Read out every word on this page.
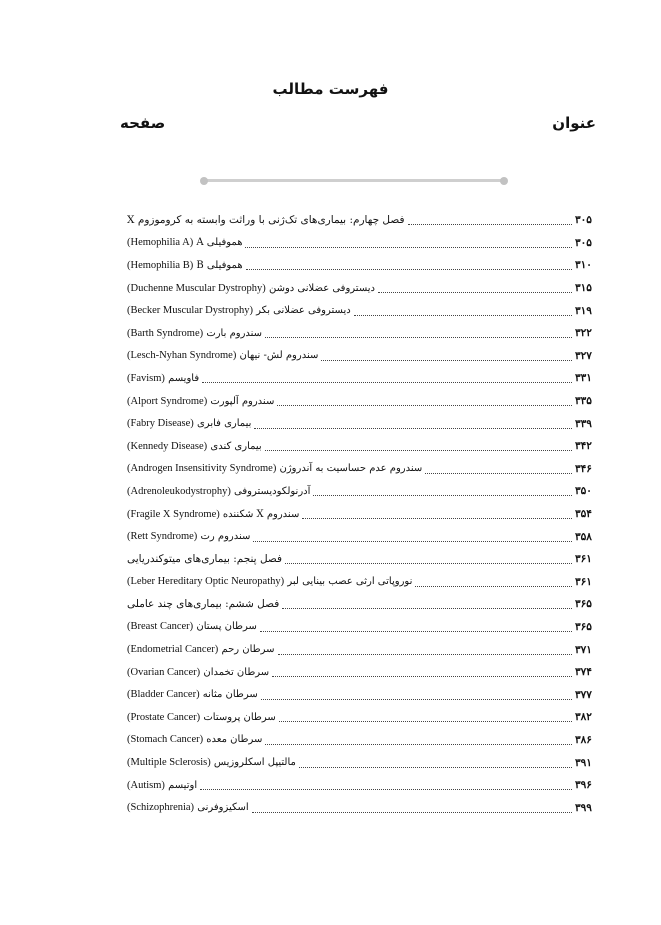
فهرست مطالب
عنوان
صفحه
فصل چهارم: بیماری‌های تک‌ژنی با وراثت وابسته به کروموزوم X	۳۰۵
هموفیلی A (Hemophilia A)	۳۰۵
هموفیلی B (Hemophilia B)	۳۱۰
دیستروفی عضلانی دوشن (Duchenne Muscular Dystrophy)	۳۱۵
دیستروفی عضلانی بکر (Becker Muscular Dystrophy)	۳۱۹
سندروم بارت (Barth Syndrome)	۳۲۲
سندروم لش- نیهان (Lesch-Nyhan Syndrome)	۳۲۷
فاویسم (Favism)	۳۳۱
سندروم آلپورت (Alport Syndrome)	۳۳۵
بیماری فابری (Fabry Disease)	۳۳۹
بیماری کندی (Kennedy Disease)	۳۴۲
سندروم عدم حساسیت به آندروژن (Androgen Insensitivity Syndrome)	۳۴۶
آدرنولکودیستروفی (Adrenoleukodystrophy)	۳۵۰
سندروم X شکننده (Fragile X Syndrome)	۳۵۴
سندروم رت (Rett Syndrome)	۳۵۸
فصل پنجم: بیماری‌های میتوکندریایی	۳۶۱
نوروپاتی ارثی عصب بینایی لبر (Leber Hereditary Optic Neuropathy)	۳۶۱
فصل ششم: بیماری‌های چند عاملی	۳۶۵
سرطان پستان (Breast Cancer)	۳۶۵
سرطان رحم (Endometrial Cancer)	۳۷۱
سرطان تخمدان (Ovarian Cancer)	۳۷۴
سرطان مثانه (Bladder Cancer)	۳۷۷
سرطان پروستات (Prostate Cancer)	۳۸۲
سرطان معده (Stomach Cancer)	۳۸۶
مالتیپل اسکلروزیس (Multiple Sclerosis)	۳۹۱
اوتیسم (Autism)	۳۹۶
اسکیزوفرنی (Schizophrenia)	۳۹۹
